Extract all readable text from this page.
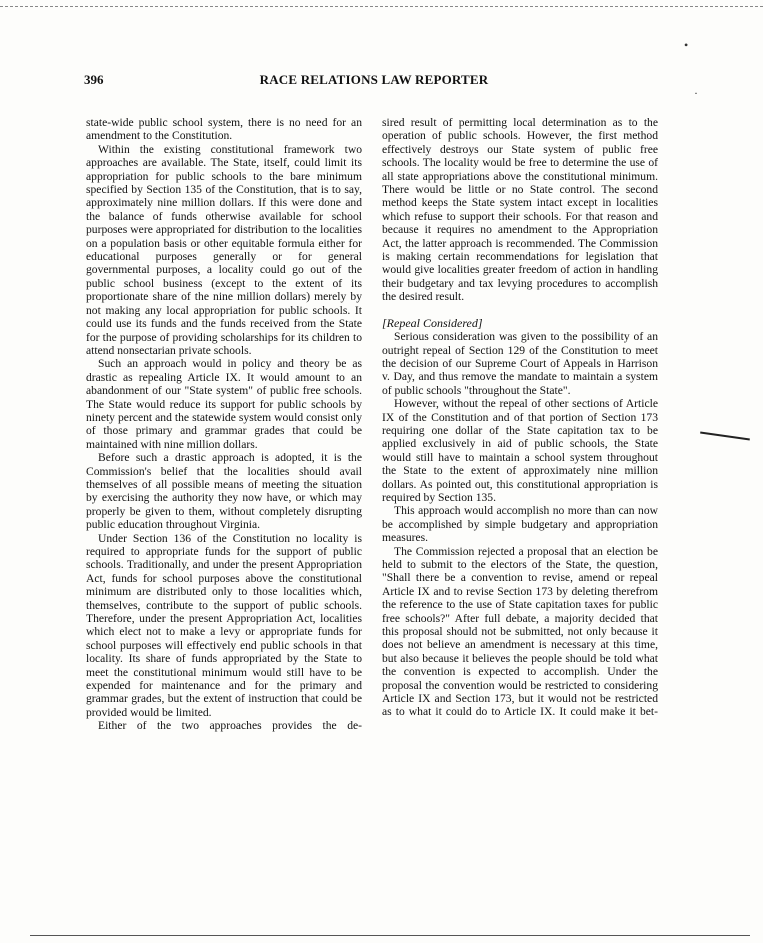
396	RACE RELATIONS LAW REPORTER

state-wide public school system, there is no need for an amendment to the Constitution.

Within the existing constitutional framework two approaches are available. The State, itself, could limit its appropriation for public schools to the bare minimum specified by Section 135 of the Constitution, that is to say, approximately nine million dollars. If this were done and the balance of funds otherwise available for school purposes were appropriated for distribution to the localities on a population basis or other equitable formula either for educational purposes generally or for general governmental purposes, a locality could go out of the public school business (except to the extent of its proportionate share of the nine million dollars) merely by not making any local appropriation for public schools. It could use its funds and the funds received from the State for the purpose of providing scholarships for its children to attend nonsectarian private schools.

Such an approach would in policy and theory be as drastic as repealing Article IX. It would amount to an abandonment of our "State system" of public free schools. The State would reduce its support for public schools by ninety percent and the statewide system would consist only of those primary and grammar grades that could be maintained with nine million dollars.

Before such a drastic approach is adopted, it is the Commission's belief that the localities should avail themselves of all possible means of meeting the situation by exercising the authority they now have, or which may properly be given to them, without completely disrupting public education throughout Virginia.

Under Section 136 of the Constitution no locality is required to appropriate funds for the support of public schools. Traditionally, and under the present Appropriation Act, funds for school purposes above the constitutional minimum are distributed only to those localities which, themselves, contribute to the support of public schools. Therefore, under the present Appropriation Act, localities which elect not to make a levy or appropriate funds for school purposes will effectively end public schools in that locality. Its share of funds appropriated by the State to meet the constitutional minimum would still have to be expended for maintenance and for the primary and grammar grades, but the extent of instruction that could be provided would be limited.

Either of the two approaches provides the de-

sired result of permitting local determination as to the operation of public schools. However, the first method effectively destroys our State system of public free schools. The locality would be free to determine the use of all state appropriations above the constitutional minimum. There would be little or no State control. The second method keeps the State system intact except in localities which refuse to support their schools. For that reason and because it requires no amendment to the Appropriation Act, the latter approach is recommended. The Commission is making certain recommendations for legislation that would give localities greater freedom of action in handling their budgetary and tax levying procedures to accomplish the desired result.

[Repeal Considered]

Serious consideration was given to the possibility of an outright repeal of Section 129 of the Constitution to meet the decision of our Supreme Court of Appeals in Harrison v. Day, and thus remove the mandate to maintain a system of public schools "throughout the State".

However, without the repeal of other sections of Article IX of the Constitution and of that portion of Section 173 requiring one dollar of the State capitation tax to be applied exclusively in aid of public schools, the State would still have to maintain a school system throughout the State to the extent of approximately nine million dollars. As pointed out, this constitutional appropriation is required by Section 135.

This approach would accomplish no more than can now be accomplished by simple budgetary and appropriation measures.

The Commission rejected a proposal that an election be held to submit to the electors of the State, the question, "Shall there be a convention to revise, amend or repeal Article IX and to revise Section 173 by deleting therefrom the reference to the use of State capitation taxes for public free schools?" After full debate, a majority decided that this proposal should not be submitted, not only because it does not believe an amendment is necessary at this time, but also because it believes the people should be told what the convention is expected to accomplish. Under the proposal the convention would be restricted to considering Article IX and Section 173, but it would not be restricted as to what it could do to Article IX. It could make it bet-

•
·
